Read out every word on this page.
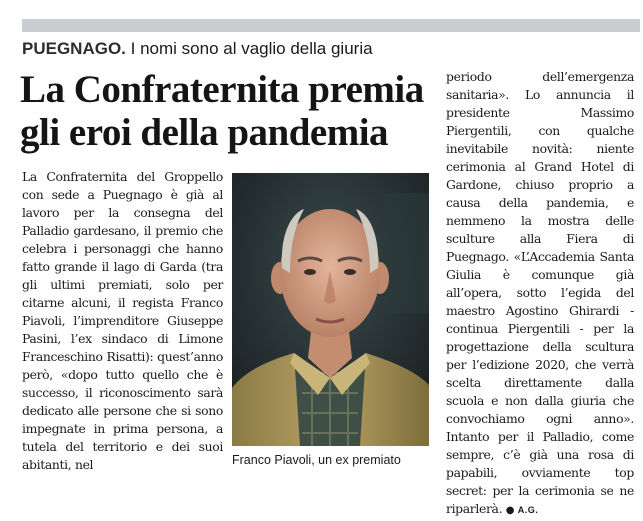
PUEGNAGO. I nomi sono al vaglio della giuria
La Confraternita premia gli eroi della pandemia

La Confraternita del Groppello con sede a Puegnago è già al lavoro per la consegna del Palladio gardesano, il premio che celebra i personaggi che hanno fatto grande il lago di Garda (tra gli ultimi premiati, solo per citarne alcuni, il regista Franco Piavoli, l’imprenditore Giuseppe Pasini, l’ex sindaco di Limone Franceschino Risatti): quest’anno però, «dopo tutto quello che è successo, il riconoscimento sarà dedicato alle persone che si sono impegnate in prima persona, a tutela del territorio e dei suoi abitanti, nel	Franco Piavoli, un ex premiato

periodo dell’emergenza sanitaria». Lo annuncia il presidente Massimo Piergentili, con qualche inevitabile novità: niente cerimonia al Grand Hotel di Gardone, chiuso proprio a causa della pandemia, e nemmeno la mostra delle sculture alla Fiera di Puegnago. «L’Accademia Santa Giulia è comunque già all’opera, sotto l’egida del maestro Agostino Ghirardi - continua Piergentili - per la progettazione della scultura per l’edizione 2020, che verrà scelta direttamente dalla scuola e non dalla giuria che convochiamo ogni anno». Intanto per il Palladio, come sempre, c’è già una rosa di papabili, ovviamente top secret: per la cerimonia se ne riparlerà. ● A.G.
